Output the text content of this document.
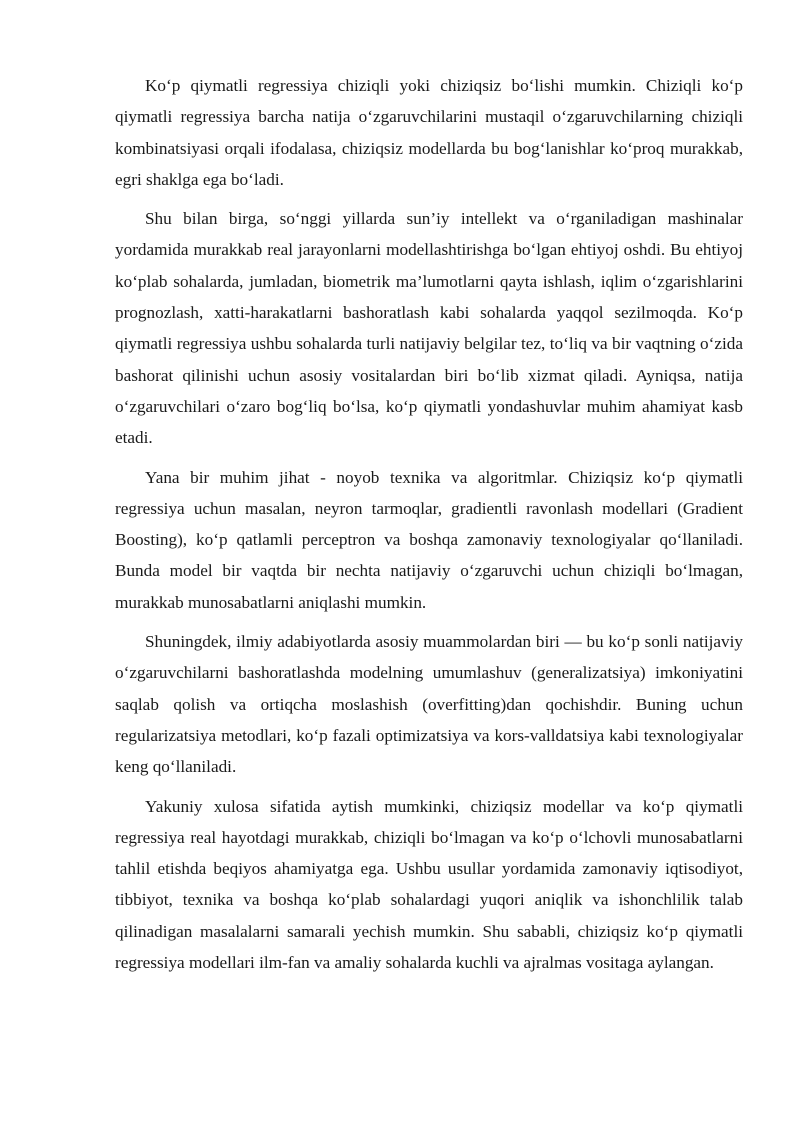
Ko‘p qiymatli regressiya chiziqli yoki chiziqsiz bo‘lishi mumkin. Chiziqli ko‘p qiymatli regressiya barcha natija o‘zgaruvchilarini mustaqil o‘zgaruvchilarning chiziqli kombinatsiyasi orqali ifodalasa, chiziqsiz modellarda bu bog‘lanishlar ko‘proq murakkab, egri shaklga ega bo‘ladi.

Shu bilan birga, so‘nggi yillarda sun’iy intellekt va o‘rganiladigan mashinalar yordamida murakkab real jarayonlarni modellashtirishga bo‘lgan ehtiyoj oshdi. Bu ehtiyoj ko‘plab sohalarda, jumladan, biometrik ma’lumotlarni qayta ishlash, iqlim o‘zgarishlarini prognozlash, xatti-harakatlarni bashoratlash kabi sohalarda yaqqol sezilmoqda. Ko‘p qiymatli regressiya ushbu sohalarda turli natijaviy belgilar tez, to‘liq va bir vaqtning o‘zida bashorat qilinishi uchun asosiy vositalardan biri bo‘lib xizmat qiladi. Ayniqsa, natija o‘zgaruvchilari o‘zaro bog‘liq bo‘lsa, ko‘p qiymatli yondashuvlar muhim ahamiyat kasb etadi.

Yana bir muhim jihat - noyob texnika va algoritmlar. Chiziqsiz ko‘p qiymatli regressiya uchun masalan, neyron tarmoqlar, gradientli ravonlash modellari (Gradient Boosting), ko‘p qatlamli perceptron va boshqa zamonaviy texnologiyalar qo‘llaniladi. Bunda model bir vaqtda bir nechta natijaviy o‘zgaruvchi uchun chiziqli bo‘lmagan, murakkab munosabatlarni aniqlashi mumkin.

Shuningdek, ilmiy adabiyotlarda asosiy muammolardan biri — bu ko‘p sonli natijaviy o‘zgaruvchilarni bashoratlashda modelning umumlashuv (generalizatsiya) imkoniyatini saqlab qolish va ortiqcha moslashish (overfitting)dan qochishdir. Buning uchun regularizatsiya metodlari, ko‘p fazali optimizatsiya va kors-valldatsiya kabi texnologiyalar keng qo‘llaniladi.

Yakuniy xulosa sifatida aytish mumkinki, chiziqsiz modellar va ko‘p qiymatli regressiya real hayotdagi murakkab, chiziqli bo‘lmagan va ko‘p o‘lchovli munosabatlarni tahlil etishda beqiyos ahamiyatga ega. Ushbu usullar yordamida zamonaviy iqtisodiyot, tibbiyot, texnika va boshqa ko‘plab sohalardagi yuqori aniqlik va ishonchlilik talab qilinadigan masalalarni samarali yechish mumkin. Shu sababli, chiziqsiz ko‘p qiymatli regressiya modellari ilm-fan va amaliy sohalarda kuchli va ajralmas vositaga aylangan.
